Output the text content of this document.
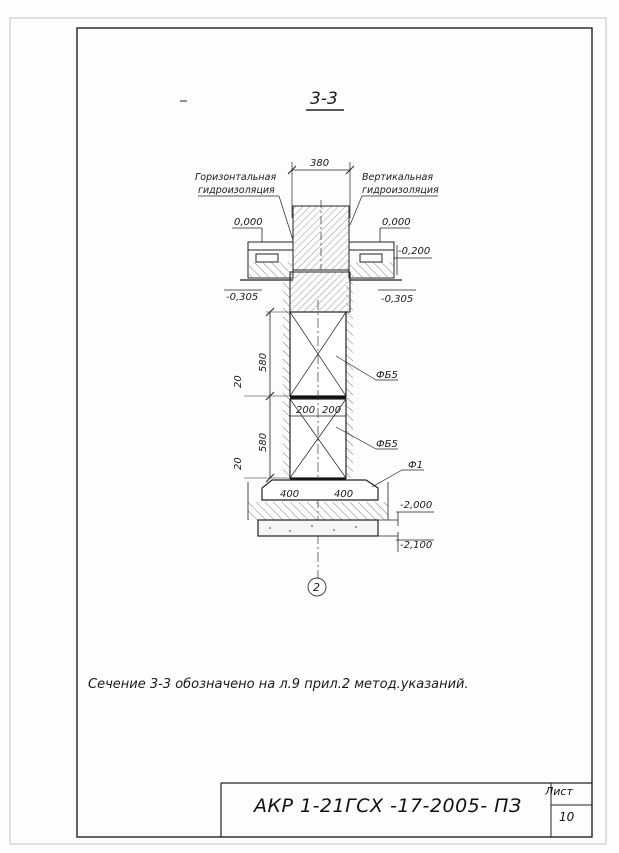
3-3
380
Горизонтальная
гидроизоляция
Вертикальная
гидроизоляция
0,000	0,000
-0,200
-0,305	-0,305
580
580
20
20
200 200
ФБ5
ФБ5
Ф1
400	400
-2,000
-2,100
2
Сечение 3-3 обозначено на л.9 прил.2 метод.указаний.
АКР 1-21ГСХ -17-2005- ПЗ
Лист
10
